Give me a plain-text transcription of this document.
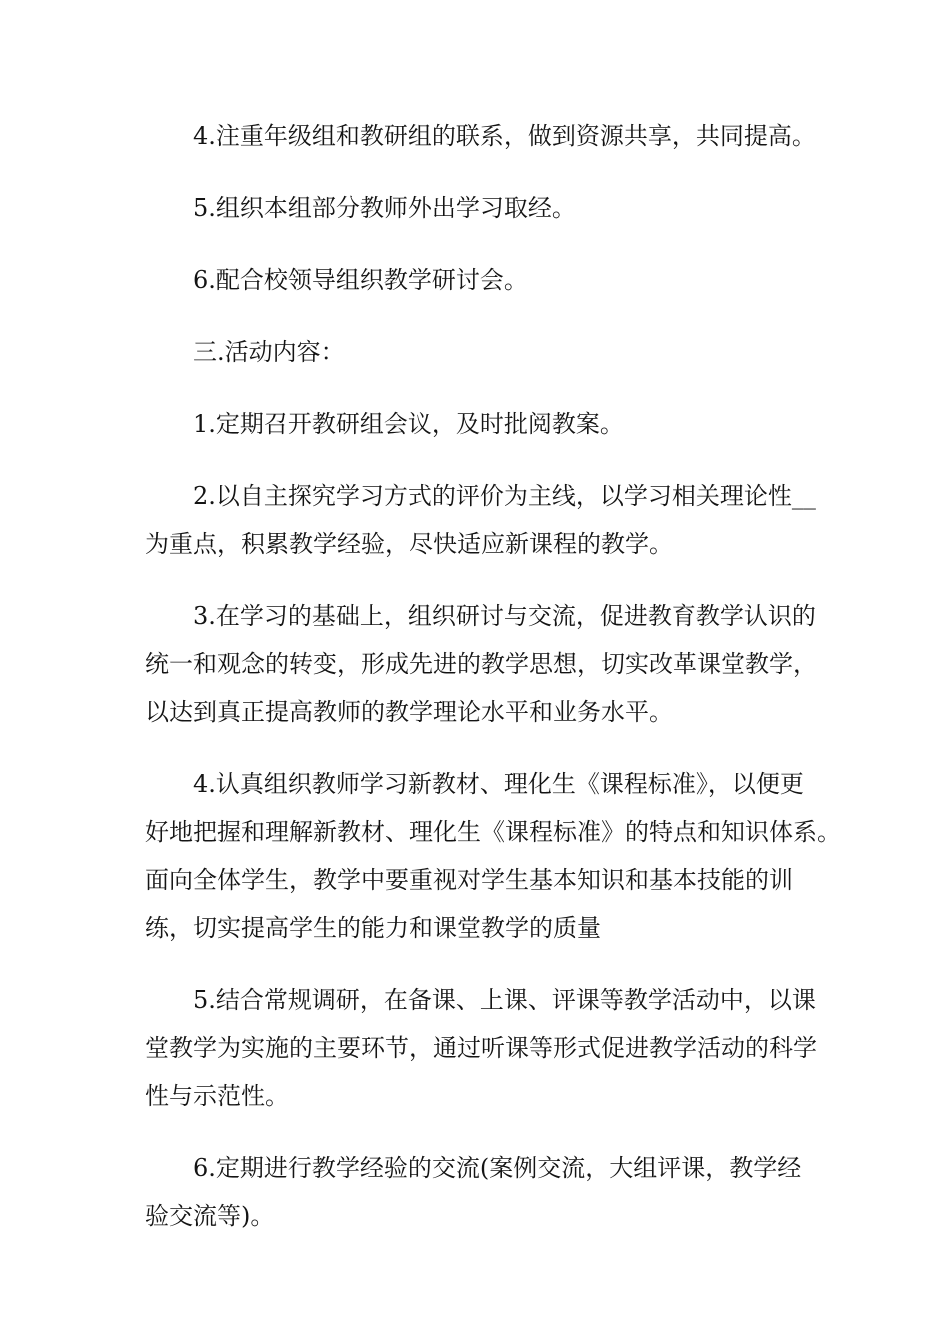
4.注重年级组和教研组的联系，做到资源共享，共同提高。

5.组织本组部分教师外出学习取经。

6.配合校领导组织教学研讨会。

三.活动内容：

1.定期召开教研组会议，及时批阅教案。

2.以自主探究学习方式的评价为主线，以学习相关理论性__
为重点，积累教学经验，尽快适应新课程的教学。

3.在学习的基础上，组织研讨与交流，促进教育教学认识的
统一和观念的转变，形成先进的教学思想，切实改革课堂教学，
以达到真正提高教师的教学理论水平和业务水平。

4.认真组织教师学习新教材、理化生《课程标准》，以便更
好地把握和理解新教材、理化生《课程标准》的特点和知识体系。
面向全体学生，教学中要重视对学生基本知识和基本技能的训
练，切实提高学生的能力和课堂教学的质量

5.结合常规调研，在备课、上课、评课等教学活动中，以课
堂教学为实施的主要环节，通过听课等形式促进教学活动的科学
性与示范性。

6.定期进行教学经验的交流(案例交流，大组评课，教学经
验交流等)。
